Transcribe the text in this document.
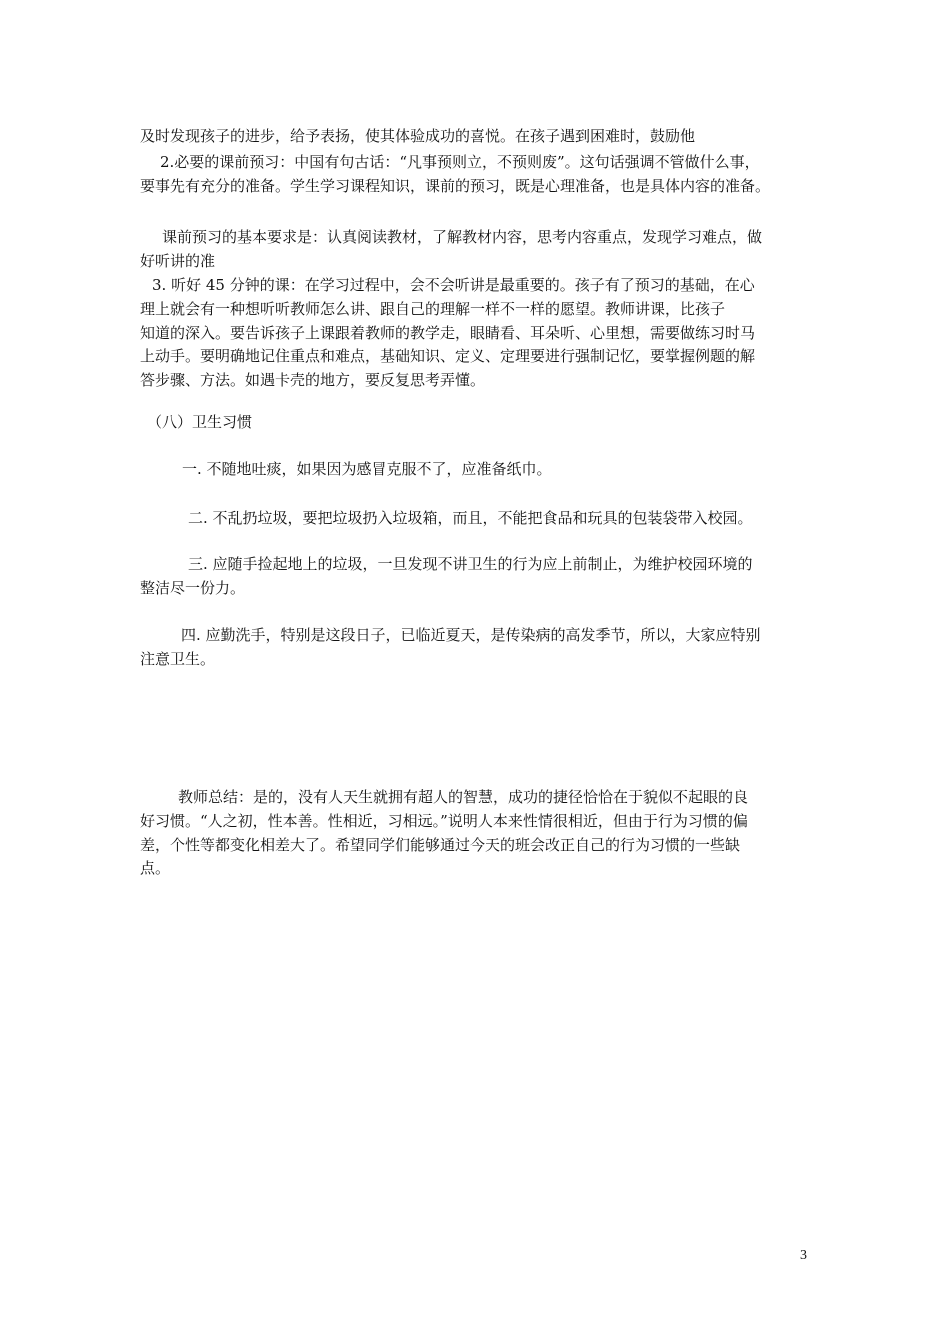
及时发现孩子的进步，给予表扬，使其体验成功的喜悦。在孩子遇到困难时，鼓励他

2.必要的课前预习：中国有句古话：“凡事预则立，不预则废”。这句话强调不管做什么事，

要事先有充分的准备。学生学习课程知识，课前的预习，既是心理准备，也是具体内容的准备。

课前预习的基本要求是：认真阅读教材，了解教材内容，思考内容重点，发现学习难点，做

好听讲的准

3. 听好 45 分钟的课：在学习过程中，会不会听讲是最重要的。孩子有了预习的基础，在心

理上就会有一种想听听教师怎么讲、跟自己的理解一样不一样的愿望。教师讲课，比孩子

知道的深入。要告诉孩子上课跟着教师的教学走，眼睛看、耳朵听、心里想，需要做练习时马

上动手。要明确地记住重点和难点，基础知识、定义、定理要进行强制记忆，要掌握例题的解

答步骤、方法。如遇卡壳的地方，要反复思考弄懂。

（八）卫生习惯
一. 不随地吐痰，如果因为感冒克服不了，应准备纸巾。
二. 不乱扔垃圾，要把垃圾扔入垃圾箱，而且，不能把食品和玩具的包装袋带入校园。

三. 应随手捡起地上的垃圾，一旦发现不讲卫生的行为应上前制止，为维护校园环境的

整洁尽一份力。

四. 应勤洗手，特别是这段日子，已临近夏天，是传染病的高发季节，所以，大家应特别

注意卫生。

教师总结：是的，没有人天生就拥有超人的智慧，成功的捷径恰恰在于貌似不起眼的良

好习惯。“人之初，性本善。性相近，习相远。”说明人本来性情很相近，但由于行为习惯的偏

差，个性等都变化相差大了。希望同学们能够通过今天的班会改正自己的行为习惯的一些缺

点。

3
